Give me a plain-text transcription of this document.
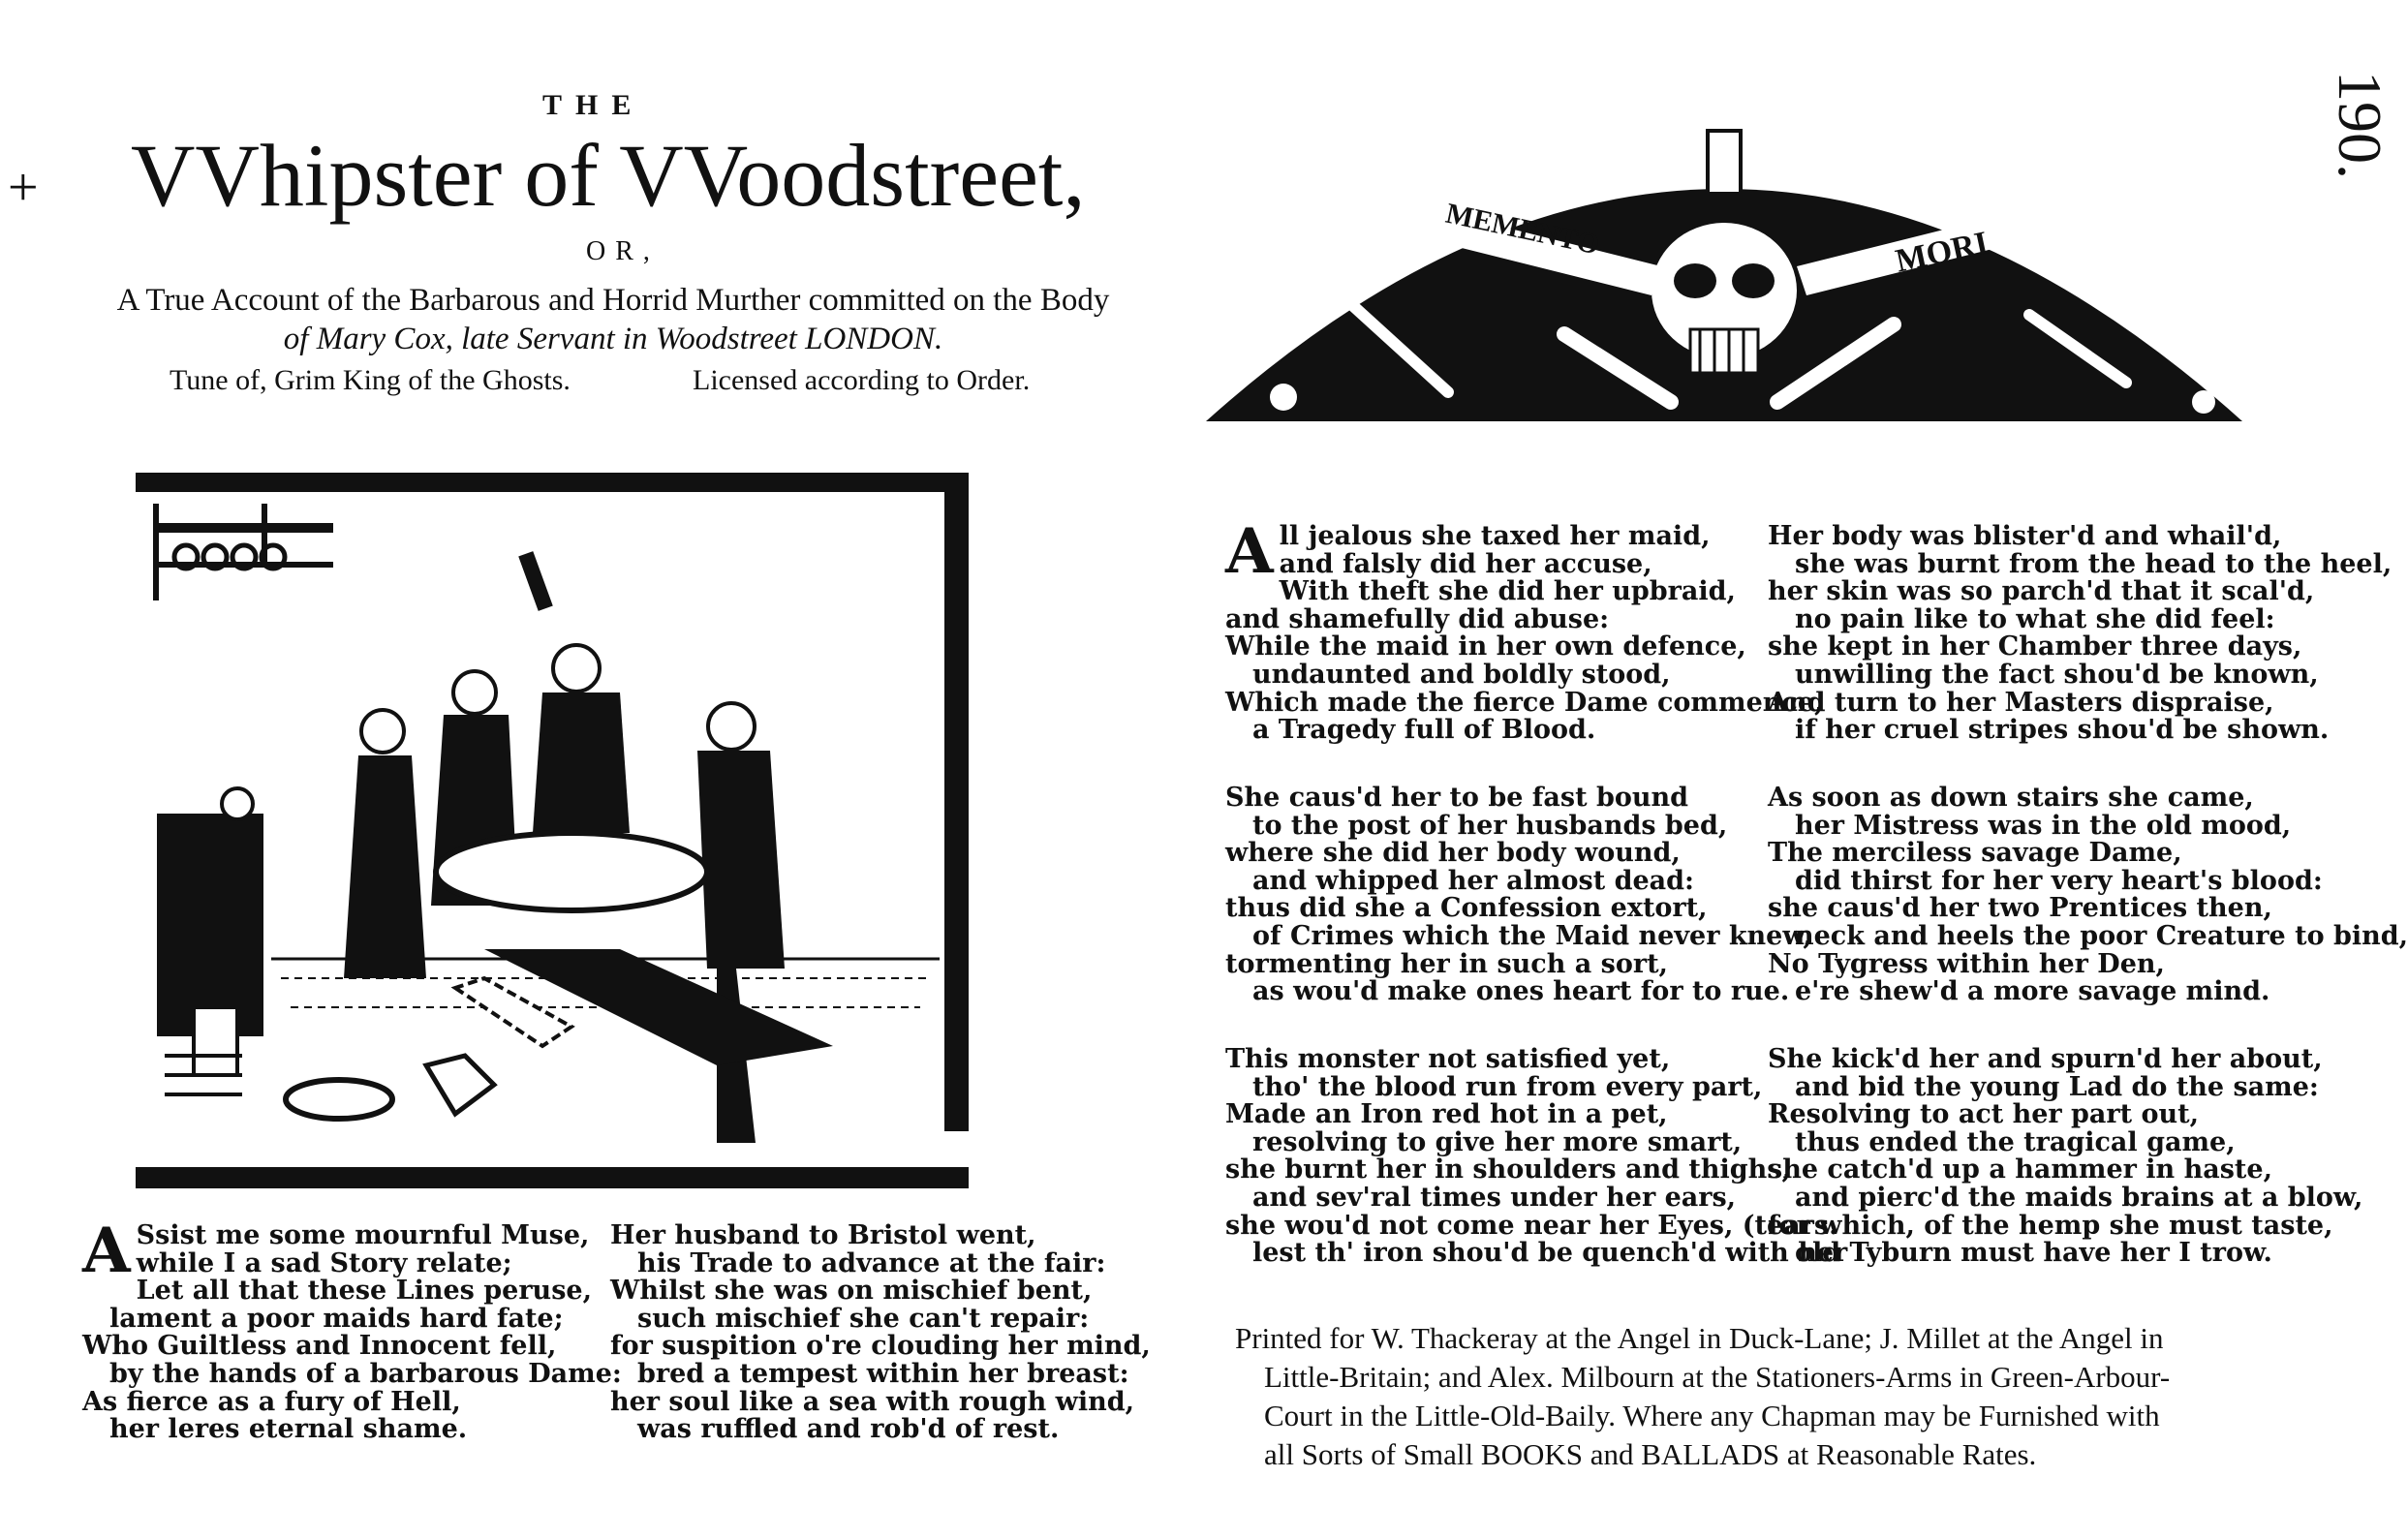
+
THE
VVhipster of VVoodstreet,
OR,
A True Account of the Barbarous and Horrid Murther committed on the Body
of Mary Cox, late Servant in Woodstreet LONDON.
Tune of, Grim King of the Ghosts.	Licensed according to Order.
190.
MEMENTO	MORI
A Ssist me some mournful Muse,
while I a sad Story relate;
Let all that these Lines peruse,
lament a poor maids hard fate;
Who Guiltless and Innocent fell,
by the hands of a barbarous Dame:
As fierce as a fury of Hell,
her leres eternal shame.
Her husband to Bristol went,
his Trade to advance at the fair:
Whilst she was on mischief bent,
such mischief she can't repair:
for suspition o're clouding her mind,
bred a tempest within her breast:
her soul like a sea with rough wind,
was ruffled and rob'd of rest.
A ll jealous she taxed her maid,
and falsly did her accuse,
With theft she did her upbraid,
and shamefully did abuse:
While the maid in her own defence,
undaunted and boldly stood,
Which made the fierce Dame commence,
a Tragedy full of Blood.
Her body was blister'd and whail'd,
she was burnt from the head to the heel,
her skin was so parch'd that it scal'd,
no pain like to what she did feel:
she kept in her Chamber three days,
unwilling the fact shou'd be known,
And turn to her Masters dispraise,
if her cruel stripes shou'd be shown.
She caus'd her to be fast bound
to the post of her husbands bed,
where she did her body wound,
and whipped her almost dead:
thus did she a Confession extort,
of Crimes which the Maid never knew,
tormenting her in such a sort,
as wou'd make ones heart for to rue.
As soon as down stairs she came,
her Mistress was in the old mood,
The merciless savage Dame,
did thirst for her very heart's blood:
she caus'd her two Prentices then,
neck and heels the poor Creature to bind,
No Tygress within her Den,
e're shew'd a more savage mind.
This monster not satisfied yet,
tho' the blood run from every part,
Made an Iron red hot in a pet,
resolving to give her more smart,
she burnt her in shoulders and thighs,
and sev'ral times under her ears,
she wou'd not come near her Eyes, (tears.
lest th' iron shou'd be quench'd with her
She kick'd her and spurn'd her about,
and bid the young Lad do the same:
Resolving to act her part out,
thus ended the tragical game,
she catch'd up a hammer in haste,
and pierc'd the maids brains at a blow,
for which, of the hemp she must taste,
old Tyburn must have her I trow.
Printed for W. Thackeray at the Angel in Duck-Lane; J. Millet at the Angel in
Little-Britain; and Alex. Milbourn at the Stationers-Arms in Green-Arbour-
Court in the Little-Old-Baily. Where any Chapman may be Furnished with
all Sorts of Small BOOKS and BALLADS at Reasonable Rates.
